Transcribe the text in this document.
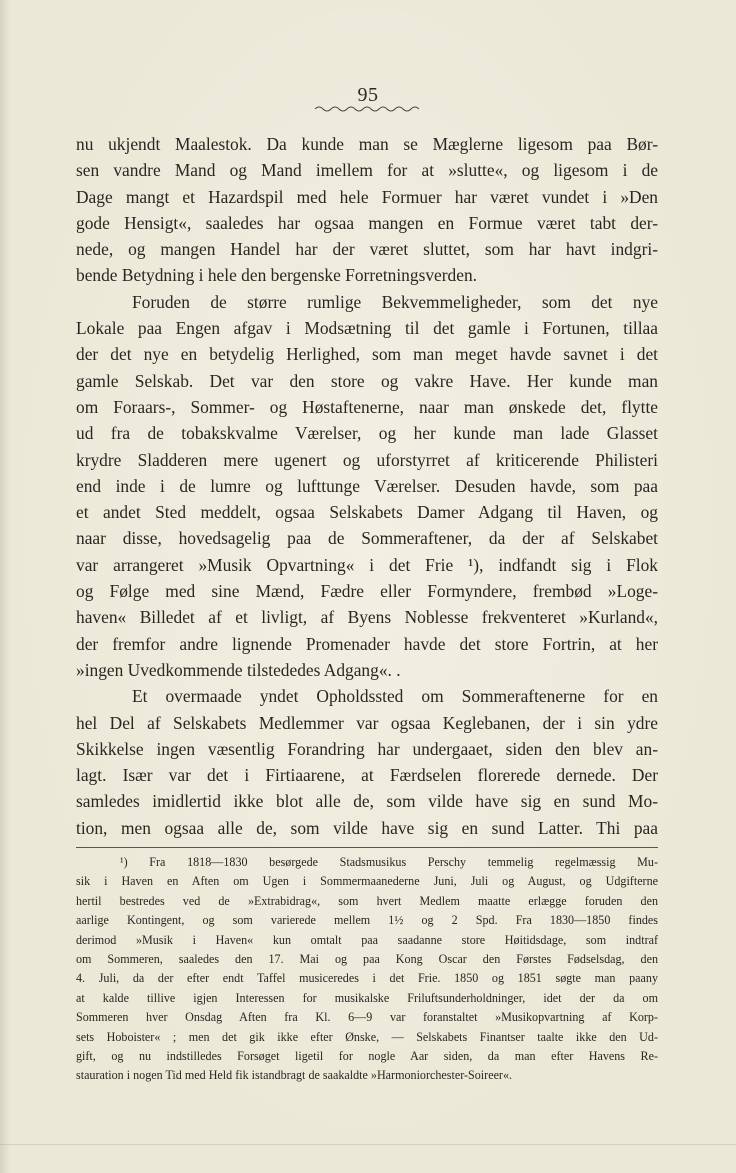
95
nu ukjendt Maalestok. Da kunde man se Mæglerne ligesom paa Bør-
sen vandre Mand og Mand imellem for at »slutte«, og ligesom i de
Dage mangt et Hazardspil med hele Formuer har været vundet i »Den
gode Hensigt«, saaledes har ogsaa mangen en Formue været tabt der-
nede, og mangen Handel har der været sluttet, som har havt indgri-
bende Betydning i hele den bergenske Forretningsverden.
Foruden de større rumlige Bekvemmeligheder, som det nye
Lokale paa Engen afgav i Modsætning til det gamle i Fortunen, tillaa
der det nye en betydelig Herlighed, som man meget havde savnet i det
gamle Selskab. Det var den store og vakre Have. Her kunde man
om Foraars-, Sommer- og Høstaftenerne, naar man ønskede det, flytte
ud fra de tobakskvalme Værelser, og her kunde man lade Glasset
krydre Sladderen mere ugenert og uforstyrret af kriticerende Philisteri
end inde i de lumre og lufttunge Værelser. Desuden havde, som paa
et andet Sted meddelt, ogsaa Selskabets Damer Adgang til Haven, og
naar disse, hovedsagelig paa de Sommeraftener, da der af Selskabet
var arrangeret »Musik Opvartning« i det Frie ¹), indfandt sig i Flok
og Følge med sine Mænd, Fædre eller Formyndere, frembød »Loge-
haven« Billedet af et livligt, af Byens Noblesse frekventeret »Kurland«,
der fremfor andre lignende Promenader havde det store Fortrin, at her
»ingen Uvedkommende tilstededes Adgang«. .
Et overmaade yndet Opholdssted om Sommeraftenerne for en
hel Del af Selskabets Medlemmer var ogsaa Keglebanen, der i sin ydre
Skikkelse ingen væsentlig Forandring har undergaaet, siden den blev an-
lagt. Især var det i Firtiaarene, at Færdselen florerede dernede. Der
samledes imidlertid ikke blot alle de, som vilde have sig en sund Mo-
tion, men ogsaa alle de, som vilde have sig en sund Latter. Thi paa
¹) Fra 1818—1830 besørgede Stadsmusikus Perschy temmelig regelmæssig Mu-
sik i Haven en Aften om Ugen i Sommermaanederne Juni, Juli og August, og Udgifterne
hertil bestredes ved de »Extrabidrag«, som hvert Medlem maatte erlægge foruden den
aarlige Kontingent, og som varierede mellem 1½ og 2 Spd. Fra 1830—1850 findes
derimod »Musik i Haven« kun omtalt paa saadanne store Høitidsdage, som indtraf
om Sommeren, saaledes den 17. Mai og paa Kong Oscar den Førstes Fødselsdag, den
4. Juli, da der efter endt Taffel musiceredes i det Frie. 1850 og 1851 søgte man paany
at kalde tillive igjen Interessen for musikalske Friluftsunderholdninger, idet der da om
Sommeren hver Onsdag Aften fra Kl. 6—9 var foranstaltet »Musikopvartning af Korp-
sets Hoboister« ; men det gik ikke efter Ønske, — Selskabets Finantser taalte ikke den Ud-
gift, og nu indstilledes Forsøget ligetil for nogle Aar siden, da man efter Havens Re-
stauration i nogen Tid med Held fik istandbragt de saakaldte »Harmoniorchester-Soireer«.
